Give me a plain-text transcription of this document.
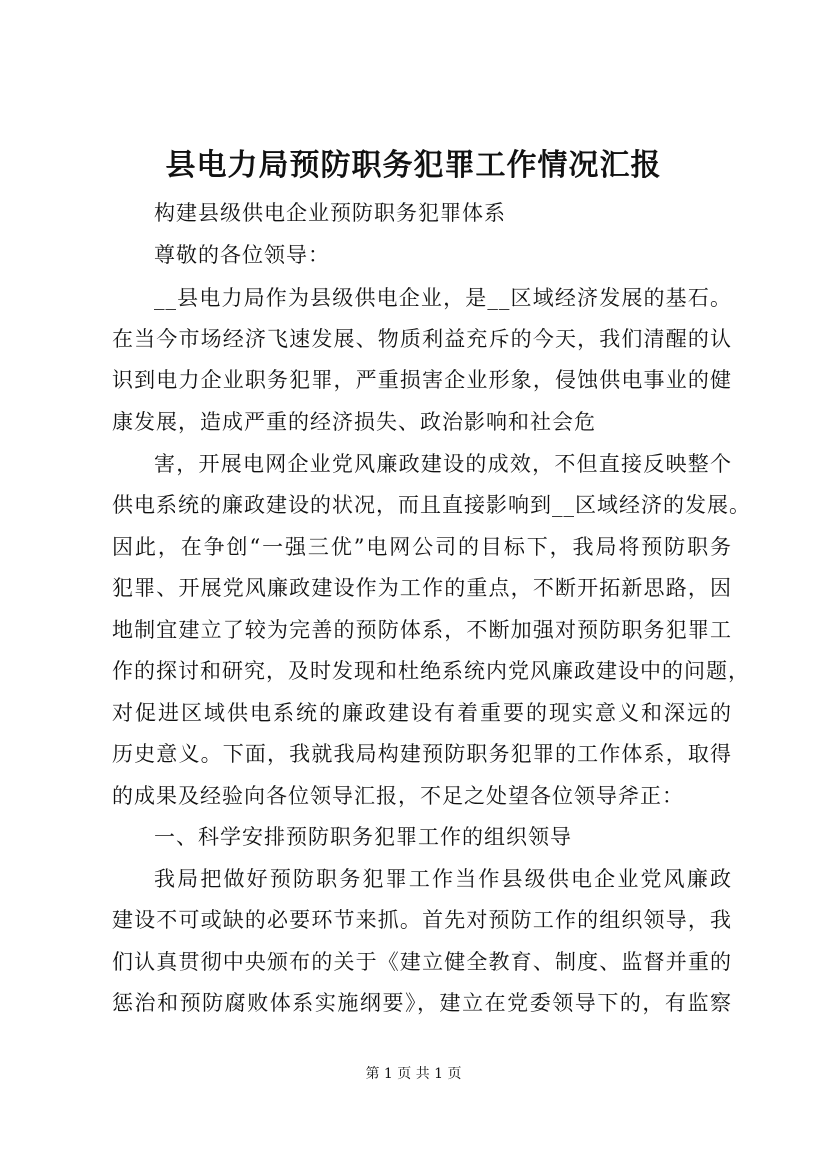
县电力局预防职务犯罪工作情况汇报
构建县级供电企业预防职务犯罪体系
尊敬的各位领导：
__县电力局作为县级供电企业，是__区域经济发展的基石。
在当今市场经济飞速发展、物质利益充斥的今天，我们清醒的认
识到电力企业职务犯罪，严重损害企业形象，侵蚀供电事业的健
康发展，造成严重的经济损失、政治影响和社会危
害，开展电网企业党风廉政建设的成效，不但直接反映整个
供电系统的廉政建设的状况，而且直接影响到__区域经济的发展。
因此，在争创“一强三优”电网公司的目标下，我局将预防职务
犯罪、开展党风廉政建设作为工作的重点，不断开拓新思路，因
地制宜建立了较为完善的预防体系，不断加强对预防职务犯罪工
作的探讨和研究，及时发现和杜绝系统内党风廉政建设中的问题，
对促进区域供电系统的廉政建设有着重要的现实意义和深远的
历史意义。下面，我就我局构建预防职务犯罪的工作体系，取得
的成果及经验向各位领导汇报，不足之处望各位领导斧正：
一、科学安排预防职务犯罪工作的组织领导
我局把做好预防职务犯罪工作当作县级供电企业党风廉政
建设不可或缺的必要环节来抓。首先对预防工作的组织领导，我
们认真贯彻中央颁布的关于《建立健全教育、制度、监督并重的
惩治和预防腐败体系实施纲要》，建立在党委领导下的，有监察
第 1 页 共 1 页
